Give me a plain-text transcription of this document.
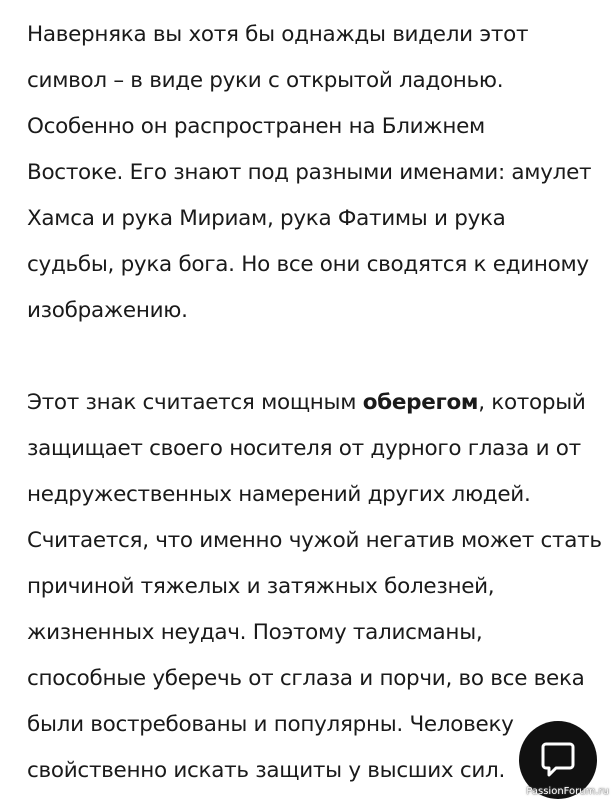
Наверняка вы хотя бы однажды видели этот
символ – в виде руки с открытой ладонью.
Особенно он распространен на Ближнем
Востоке. Его знают под разными именами: амулет
Хамса и рука Мириам, рука Фатимы и рука
судьбы, рука бога. Но все они сводятся к единому
изображению.
Этот знак считается мощным оберегом, который
защищает своего носителя от дурного глаза и от
недружественных намерений других людей.
Считается, что именно чужой негатив может стать
причиной тяжелых и затяжных болезней,
жизненных неудач. Поэтому талисманы,
способные уберечь от сглаза и порчи, во все века
были востребованы и популярны. Человеку
свойственно искать защиты у высших сил.
PassionForum.ru
